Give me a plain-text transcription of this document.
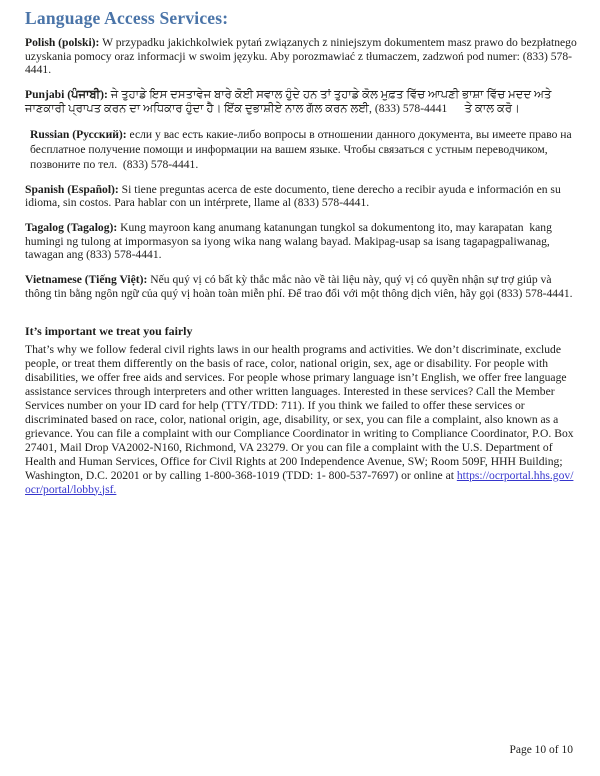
Language Access Services:

Polish (polski): W przypadku jakichkolwiek pytań związanych z niniejszym dokumentem masz prawo do bezpłatnego uzyskania pomocy oraz informacji w swoim języku. Aby porozmawiać z tłumaczem, zadzwoń pod numer: (833) 578-4441.

Punjabi (ਪੰਜਾਬੀ): ਜੇ ਤੁਹਾਡੇ ਇਸ ਦਸਤਾਵੇਜ ਬਾਰੇ ਕੋਈ ਸਵਾਲ ਹੁੰਦੇ ਹਨ ਤਾਂ ਤੁਹਾਡੇ ਕੋਲ ਮੁਫ਼ਤ ਵਿੱਚ ਆਪਣੀ ਭਾਸ਼ਾ ਵਿੱਚ ਮਦਦ ਅਤੇ ਜਾਣਕਾਰੀ ਪ੍ਰਾਪਤ ਕਰਨ ਦਾ ਅਧਿਕਾਰ ਹੁੰਦਾ ਹੈ। ਇੱਕ ਦੁਭਾਸ਼ੀਏ ਨਾਲ ਗੱਲ ਕਰਨ ਲਈ, (833) 578-4441      ਤੇ ਕਾਲ ਕਰੋ।

Russian (Русский): если у вас есть какие-либо вопросы в отношении данного документа, вы имеете право на бесплатное получение помощи и информации на вашем языке. Чтобы связаться с устным переводчиком, позвоните по тел.  (833) 578-4441.

Spanish (Español): Si tiene preguntas acerca de este documento, tiene derecho a recibir ayuda e información en su idioma, sin costos. Para hablar con un intérprete, llame al (833) 578-4441.

Tagalog (Tagalog): Kung mayroon kang anumang katanungan tungkol sa dokumentong ito, may karapatan  kang humingi ng tulong at impormasyon sa iyong wika nang walang bayad. Makipag-usap sa isang tagapagpaliwanag, tawagan ang (833) 578-4441.

Vietnamese (Tiếng Việt): Nếu quý vị có bất kỳ thắc mắc nào về tài liệu này, quý vị có quyền nhận sự trợ giúp và thông tin bằng ngôn ngữ của quý vị hoàn toàn miễn phí. Để trao đổi với một thông dịch viên, hãy gọi (833) 578-4441.

It’s important we treat you fairly

That’s why we follow federal civil rights laws in our health programs and activities. We don’t discriminate, exclude people, or treat them differently on the basis of race, color, national origin, sex, age or disability. For people with disabilities, we offer free aids and services. For people whose primary language isn’t English, we offer free language assistance services through interpreters and other written languages. Interested in these services? Call the Member Services number on your ID card for help (TTY/TDD: 711). If you think we failed to offer these services or discriminated based on race, color, national origin, age, disability, or sex, you can file a complaint, also known as a grievance. You can file a complaint with our Compliance Coordinator in writing to Compliance Coordinator, P.O. Box 27401, Mail Drop VA2002-N160, Richmond, VA 23279. Or you can file a complaint with the U.S. Department of Health and Human Services, Office for Civil Rights at 200 Independence Avenue, SW; Room 509F, HHH Building; Washington, D.C. 20201 or by calling 1-800-368-1019 (TDD: 1- 800-537-7697) or online at https://ocrportal.hhs.gov/ocr/portal/lobby.jsf.

Page 10 of 10
